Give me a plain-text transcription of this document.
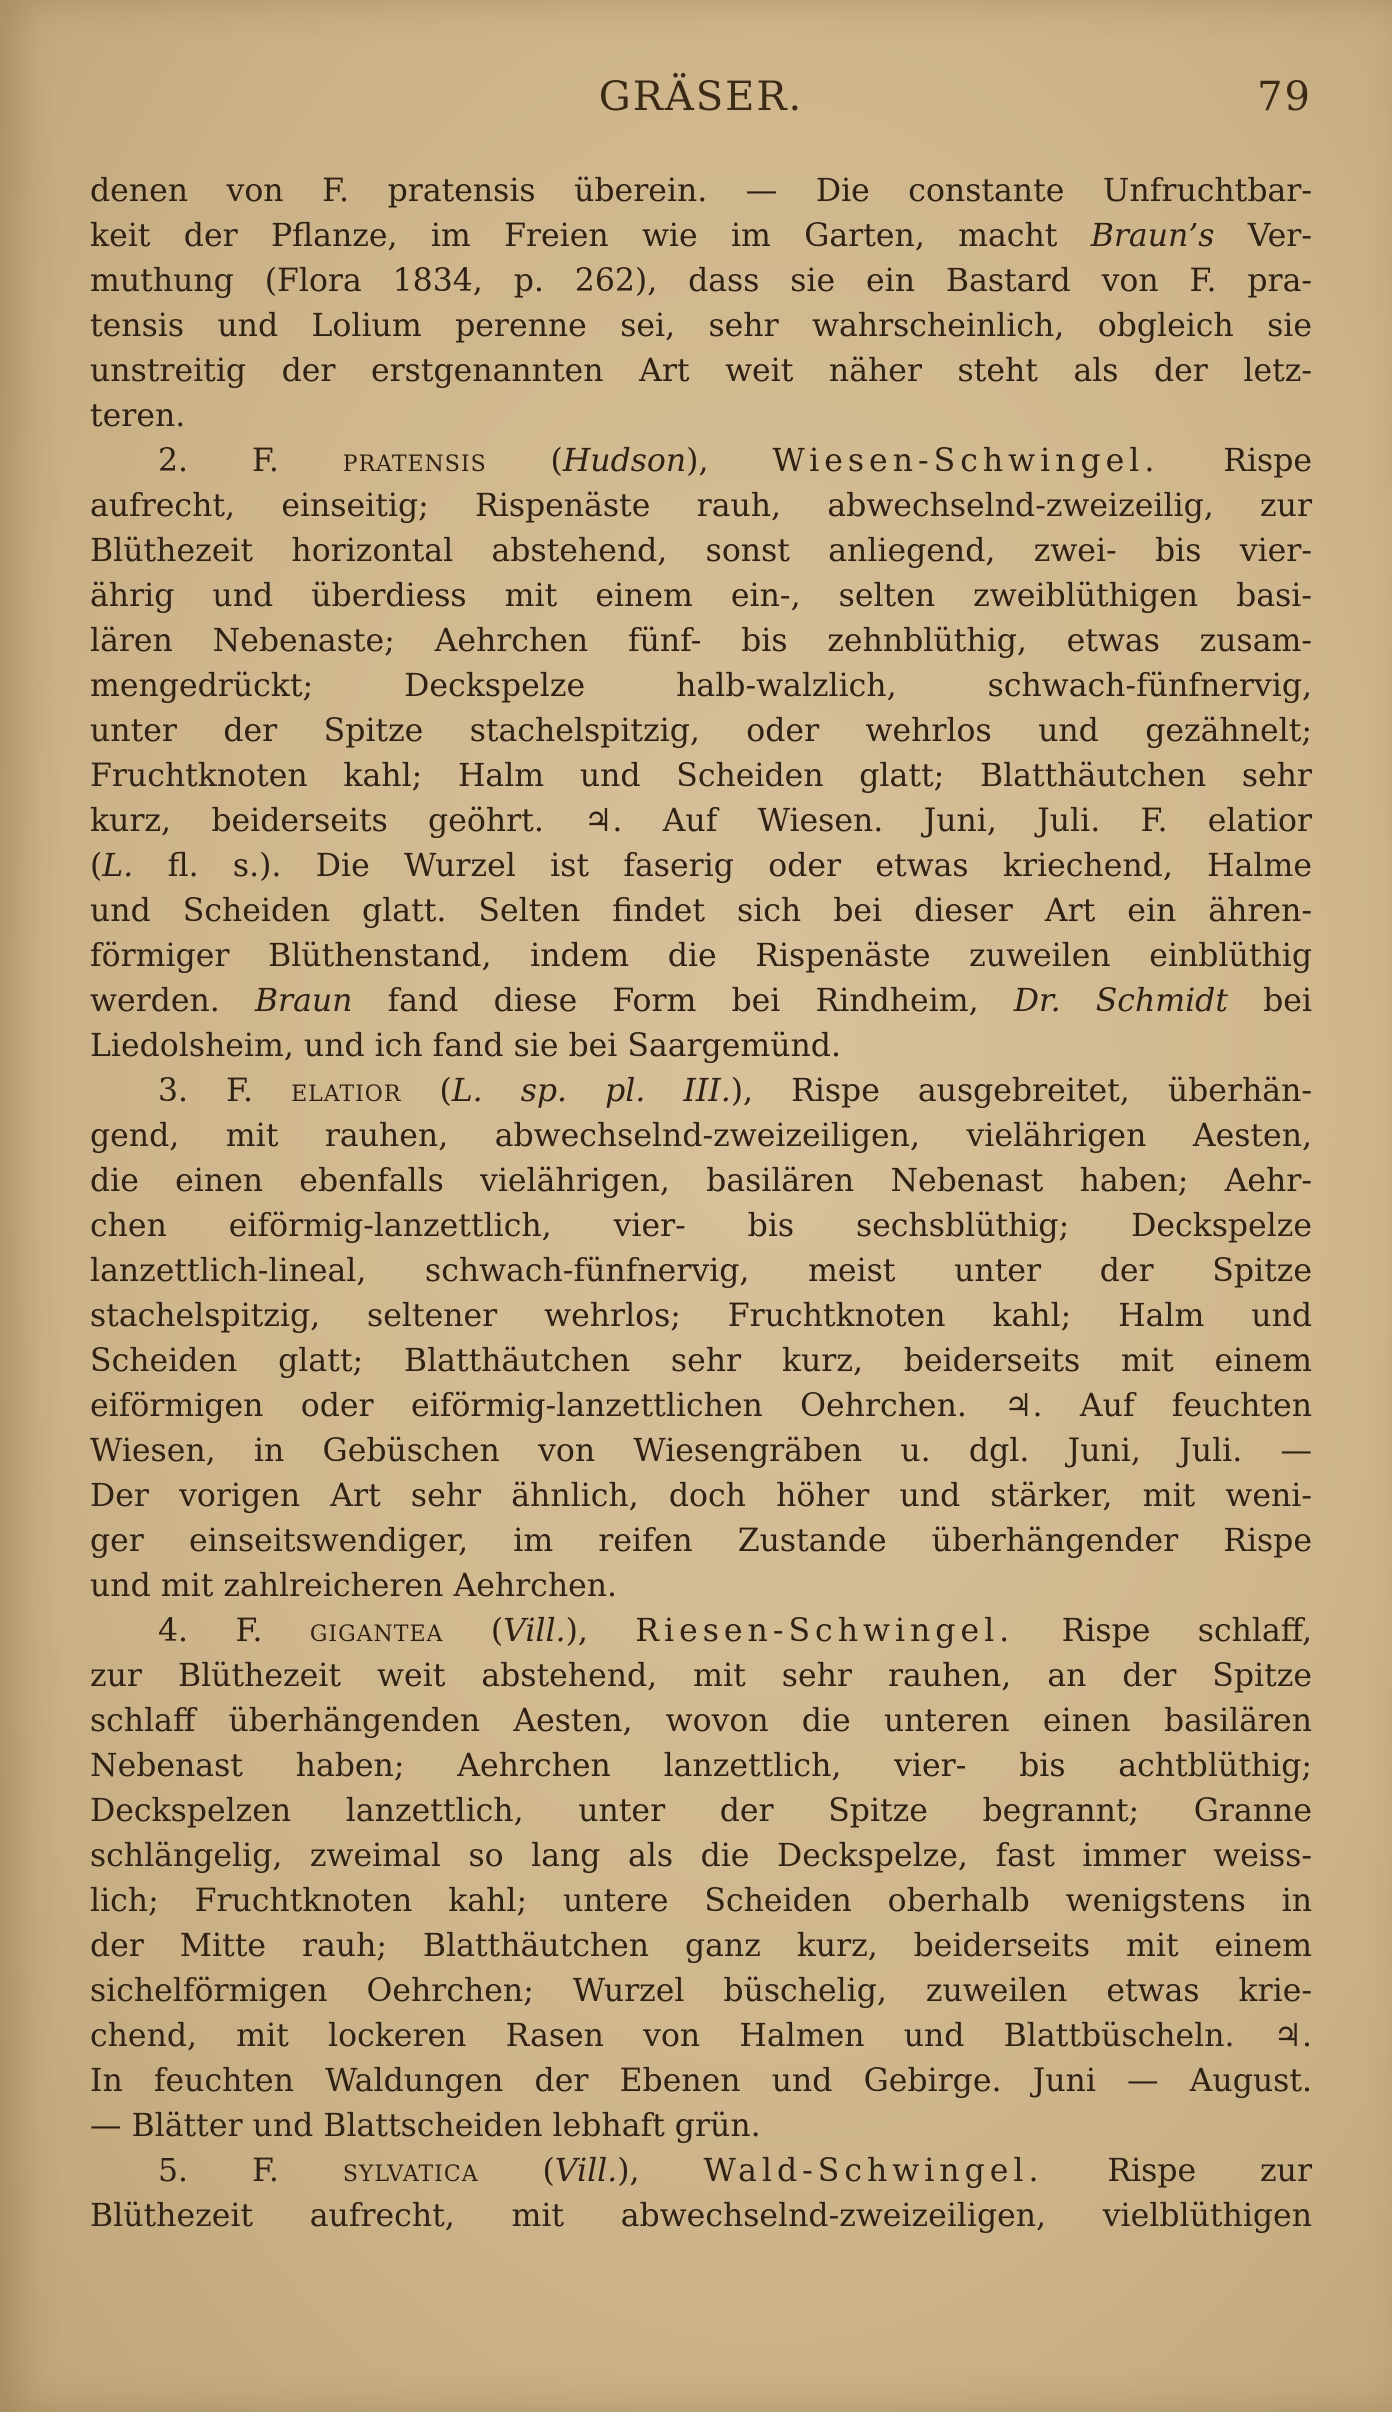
GRÄSER.	79
denen von F. pratensis überein. — Die constante Unfruchtbar-
keit der Pflanze, im Freien wie im Garten, macht Braun’s Ver-
muthung (Flora 1834, p. 262), dass sie ein Bastard von F. pra-
tensis und Lolium perenne sei, sehr wahrscheinlich, obgleich sie
unstreitig der erstgenannten Art weit näher steht als der letz-
teren.
2. F. pratensis (Hudson), Wiesen-Schwingel. Rispe
aufrecht, einseitig; Rispenäste rauh, abwechselnd-zweizeilig, zur
Blüthezeit horizontal abstehend, sonst anliegend, zwei- bis vier-
ährig und überdiess mit einem ein-, selten zweiblüthigen basi-
lären Nebenaste; Aehrchen fünf- bis zehnblüthig, etwas zusam-
mengedrückt; Deckspelze halb-walzlich, schwach-fünfnervig,
unter der Spitze stachelspitzig, oder wehrlos und gezähnelt;
Fruchtknoten kahl; Halm und Scheiden glatt; Blatthäutchen sehr
kurz, beiderseits geöhrt. ♃. Auf Wiesen. Juni, Juli. F. elatior
(L. fl. s.). Die Wurzel ist faserig oder etwas kriechend, Halme
und Scheiden glatt. Selten findet sich bei dieser Art ein ähren-
förmiger Blüthenstand, indem die Rispenäste zuweilen einblüthig
werden. Braun fand diese Form bei Rindheim, Dr. Schmidt bei
Liedolsheim, und ich fand sie bei Saargemünd.
3. F. elatior (L. sp. pl. III.), Rispe ausgebreitet, überhän-
gend, mit rauhen, abwechselnd-zweizeiligen, vielährigen Aesten,
die einen ebenfalls vielährigen, basilären Nebenast haben; Aehr-
chen eiförmig-lanzettlich, vier- bis sechsblüthig; Deckspelze
lanzettlich-lineal, schwach-fünfnervig, meist unter der Spitze
stachelspitzig, seltener wehrlos; Fruchtknoten kahl; Halm und
Scheiden glatt; Blatthäutchen sehr kurz, beiderseits mit einem
eiförmigen oder eiförmig-lanzettlichen Oehrchen. ♃. Auf feuchten
Wiesen, in Gebüschen von Wiesengräben u. dgl. Juni, Juli. —
Der vorigen Art sehr ähnlich, doch höher und stärker, mit weni-
ger einseitswendiger, im reifen Zustande überhängender Rispe
und mit zahlreicheren Aehrchen.
4. F. gigantea (Vill.), Riesen-Schwingel. Rispe schlaff,
zur Blüthezeit weit abstehend, mit sehr rauhen, an der Spitze
schlaff überhängenden Aesten, wovon die unteren einen basilären
Nebenast haben; Aehrchen lanzettlich, vier- bis achtblüthig;
Deckspelzen lanzettlich, unter der Spitze begrannt; Granne
schlängelig, zweimal so lang als die Deckspelze, fast immer weiss-
lich; Fruchtknoten kahl; untere Scheiden oberhalb wenigstens in
der Mitte rauh; Blatthäutchen ganz kurz, beiderseits mit einem
sichelförmigen Oehrchen; Wurzel büschelig, zuweilen etwas krie-
chend, mit lockeren Rasen von Halmen und Blattbüscheln. ♃.
In feuchten Waldungen der Ebenen und Gebirge. Juni — August.
— Blätter und Blattscheiden lebhaft grün.
5. F. sylvatica (Vill.), Wald-Schwingel. Rispe zur
Blüthezeit aufrecht, mit abwechselnd-zweizeiligen, vielblüthigen
